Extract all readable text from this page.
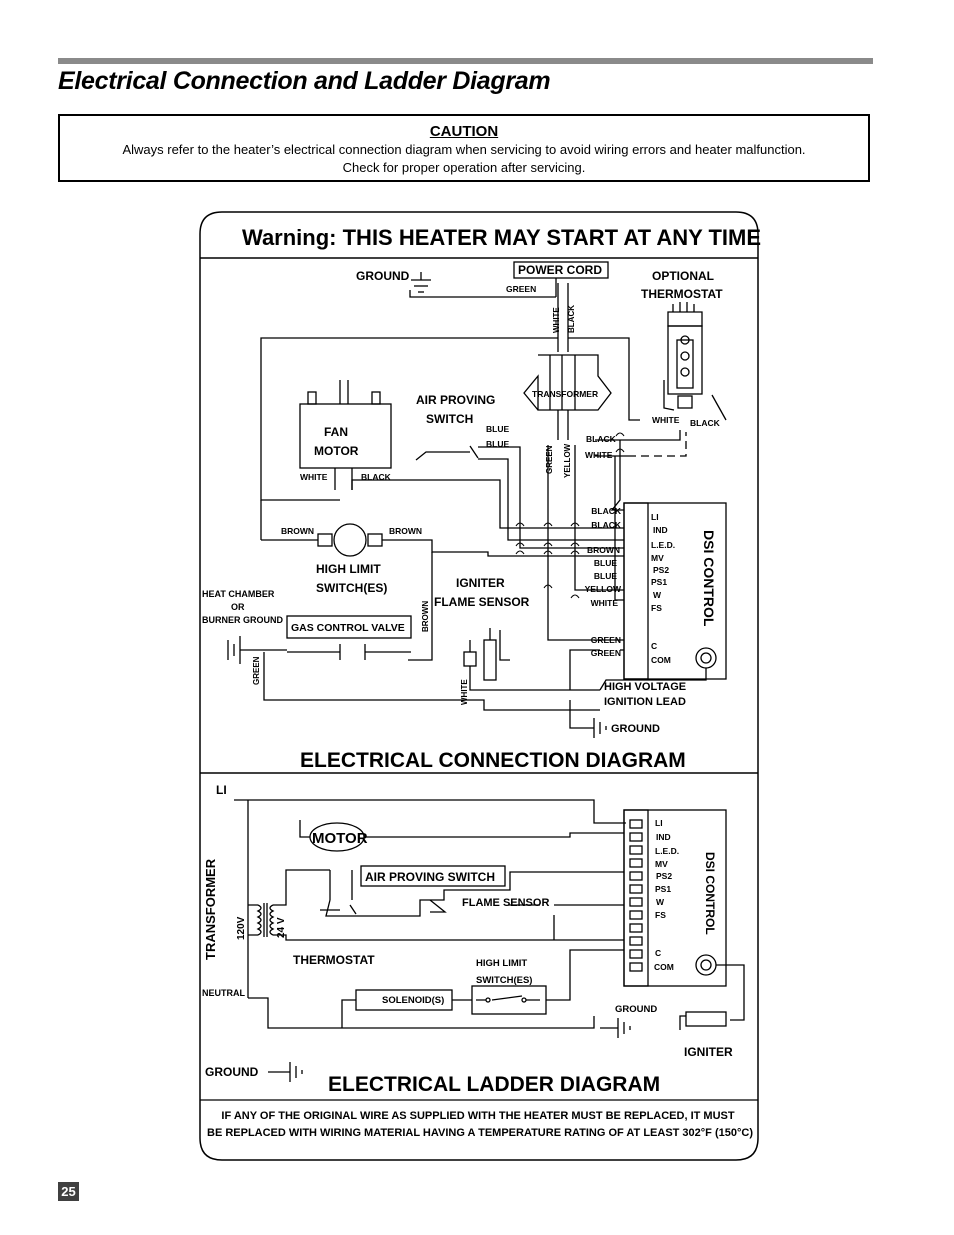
Electrical Connection and Ladder Diagram
CAUTION
Always refer to the heater’s electrical connection diagram when servicing to avoid wiring errors and heater malfunction.
Check for proper operation after servicing.
Warning: THIS HEATER MAY START AT ANY TIME
GROUND	POWER CORD	OPTIONAL
THERMOSTAT
AIR PROVING
SWITCH
FAN
MOTOR
HIGH LIMIT
SWITCH(ES)	IGNITER
FLAME SENSOR
GREEN
WHITE BLACK
TRANSFORMER
BLUE
BLUE
GREEN YELLOW
BLACK
WHITE
WHITE BLACK
WHITE	BLACK
BROWN	BROWN
HEAT CHAMBER
OR
BURNER GROUND
GAS CONTROL VALVE BROWN
GREEN
WHITE	HIGH VOLTAGE
IGNITION LEAD
GROUND
BLACK
BLACK
BROWN
BLUE
BLUE
YELLOW
WHITE
GREEN
GREEN
LI
IND
L.E.D.
MV
PS2
PS1
W
FS
C
COM
DSI CONTROL
ELECTRICAL CONNECTION DIAGRAM
LI
MOTOR
AIR PROVING SWITCH
THERMOSTAT
GROUND
IGNITER
TRANSFORMER	FLAME SENSOR
120V	24 V
NEUTRAL
HIGH LIMIT
SWITCH(ES)
SOLENOID(S)
GROUND
LI
IND
L.E.D.
MV
PS2
PS1
W
FS
C
COM
DSI CONTROL
ELECTRICAL LADDER DIAGRAM
IF ANY OF THE ORIGINAL WIRE AS SUPPLIED WITH THE HEATER MUST BE REPLACED, IT MUST
BE REPLACED WITH WIRING MATERIAL HAVING A TEMPERATURE RATING OF AT LEAST 302°F (150°C)
25
